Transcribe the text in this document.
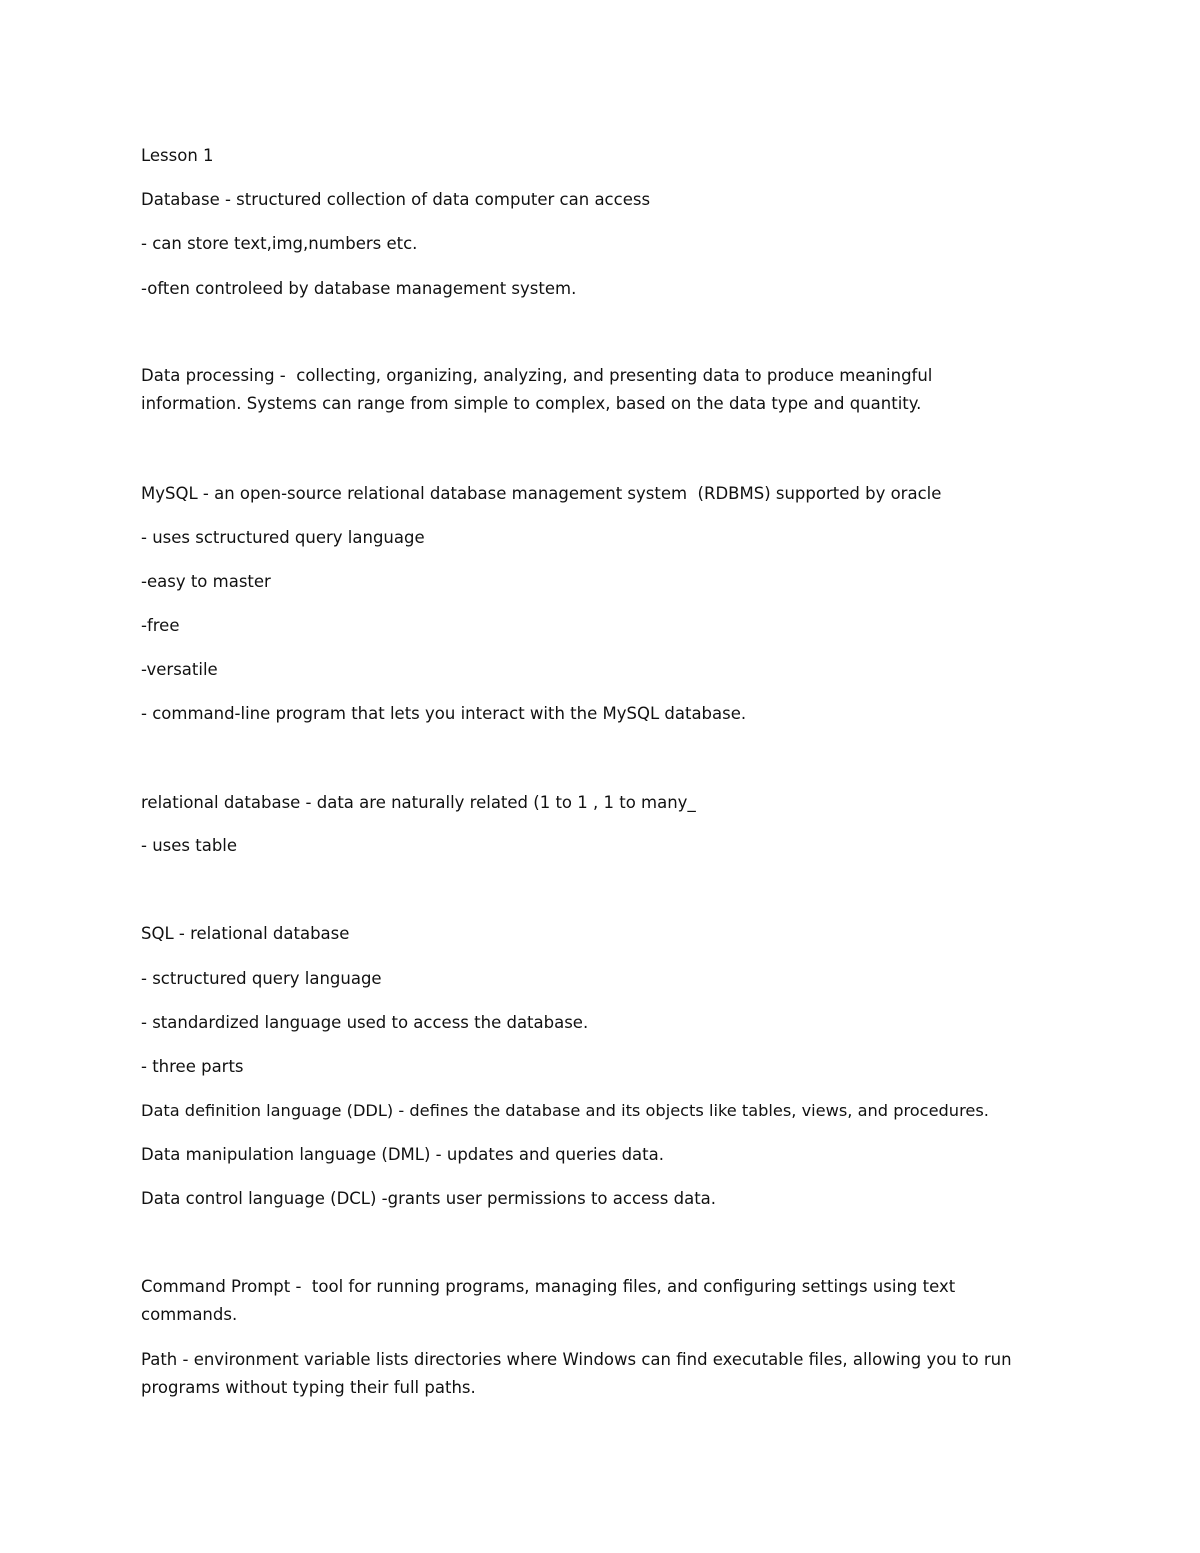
Lesson 1

Database - structured collection of data computer can access

- can store text,img,numbers etc.

-often controleed by database management system.

Data processing -  collecting, organizing, analyzing, and presenting data to produce meaningful information. Systems can range from simple to complex, based on the data type and quantity.

MySQL - an open-source relational database management system  (RDBMS) supported by oracle

- uses sctructured query language

-easy to master

-free

-versatile

- command-line program that lets you interact with the MySQL database.

relational database - data are naturally related (1 to 1 , 1 to many_

- uses table

SQL - relational database

- sctructured query language

- standardized language used to access the database.

- three parts

Data definition language (DDL) - defines the database and its objects like tables, views, and procedures.

Data manipulation language (DML) - updates and queries data.

Data control language (DCL) -grants user permissions to access data.

Command Prompt -  tool for running programs, managing files, and configuring settings using text commands.

Path - environment variable lists directories where Windows can find executable files, allowing you to run programs without typing their full paths.
